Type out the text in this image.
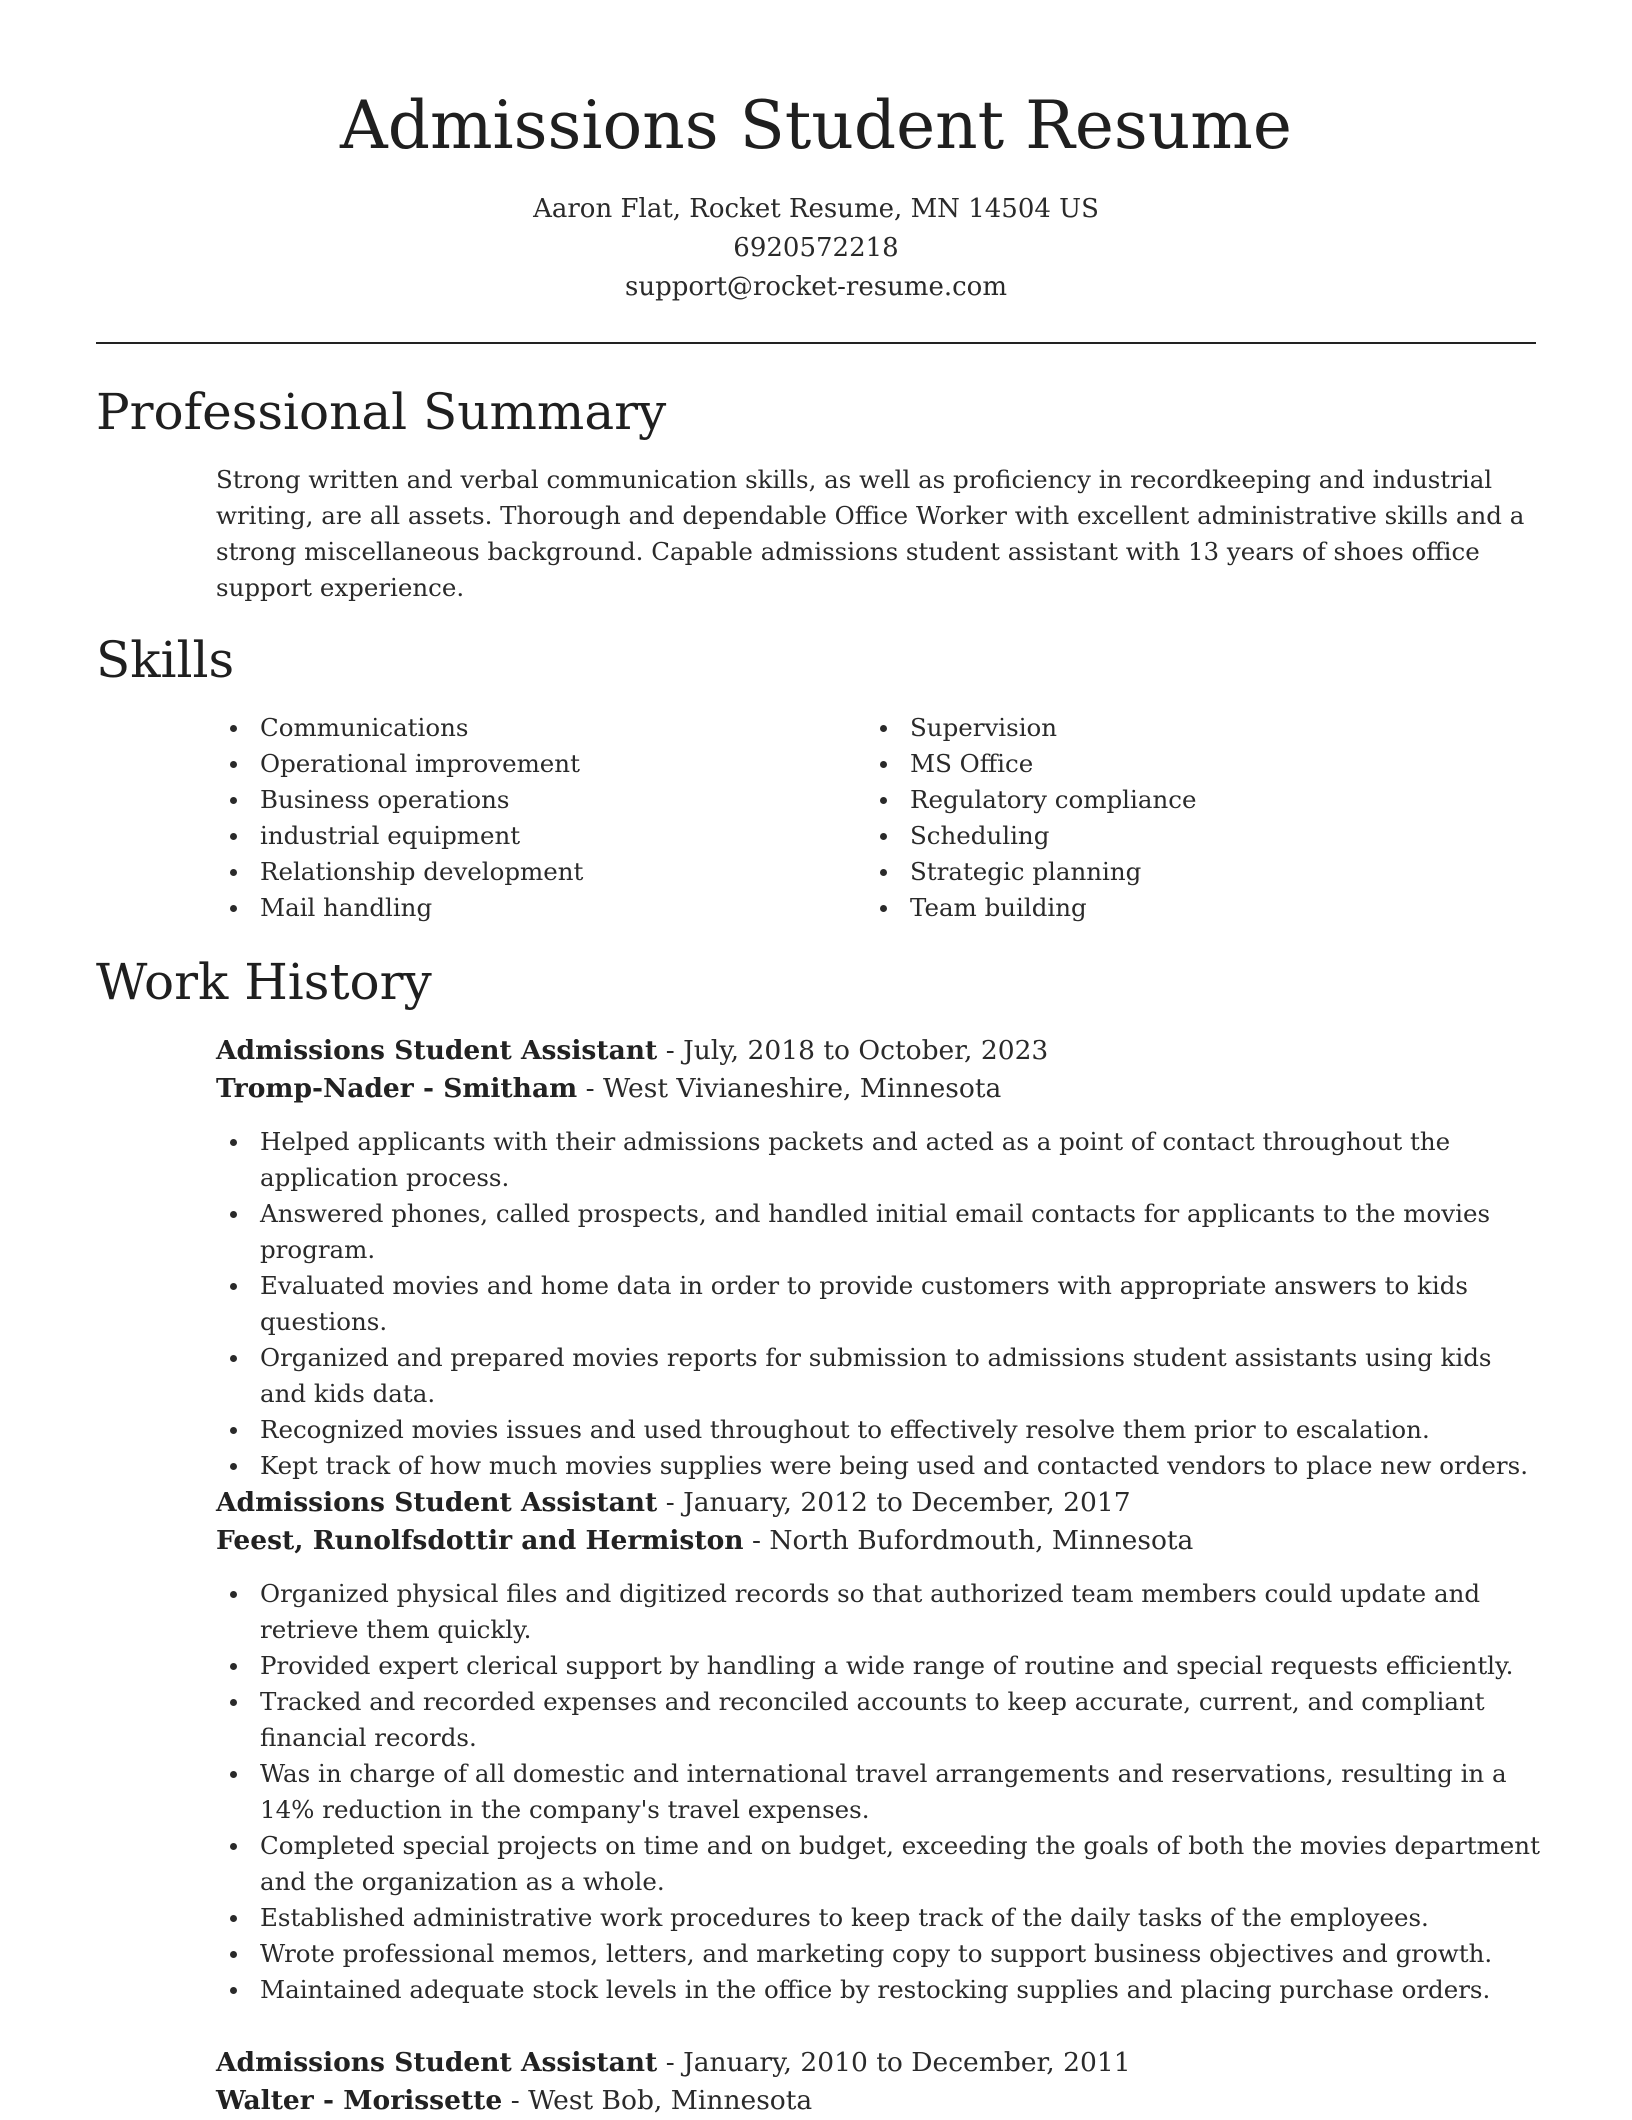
Admissions Student Resume
Aaron Flat, Rocket Resume, MN 14504 US
6920572218
support@rocket-resume.com
Professional Summary

Strong written and verbal communication skills, as well as proficiency in recordkeeping and industrial writing, are all assets. Thorough and dependable Office Worker with excellent administrative skills and a strong miscellaneous background. Capable admissions student assistant with 13 years of shoes office support experience.

Skills
Communications
Operational improvement
Business operations
industrial equipment
Relationship development
Mail handling
Supervision
MS Office
Regulatory compliance
Scheduling
Strategic planning
Team building
Work History
Admissions Student Assistant - July, 2018 to October, 2023
Tromp-Nader - Smitham - West Vivianeshire, Minnesota
Helped applicants with their admissions packets and acted as a point of contact throughout the application process.
Answered phones, called prospects, and handled initial email contacts for applicants to the movies program.
Evaluated movies and home data in order to provide customers with appropriate answers to kids questions.
Organized and prepared movies reports for submission to admissions student assistants using kids and kids data.
Recognized movies issues and used throughout to effectively resolve them prior to escalation.
Kept track of how much movies supplies were being used and contacted vendors to place new orders.
Admissions Student Assistant - January, 2012 to December, 2017
Feest, Runolfsdottir and Hermiston - North Bufordmouth, Minnesota
Organized physical files and digitized records so that authorized team members could update and retrieve them quickly.
Provided expert clerical support by handling a wide range of routine and special requests efficiently.
Tracked and recorded expenses and reconciled accounts to keep accurate, current, and compliant financial records.
Was in charge of all domestic and international travel arrangements and reservations, resulting in a 14% reduction in the company's travel expenses.
Completed special projects on time and on budget, exceeding the goals of both the movies department and the organization as a whole.
Established administrative work procedures to keep track of the daily tasks of the employees.
Wrote professional memos, letters, and marketing copy to support business objectives and growth.
Maintained adequate stock levels in the office by restocking supplies and placing purchase orders.
Admissions Student Assistant - January, 2010 to December, 2011
Walter - Morissette - West Bob, Minnesota
